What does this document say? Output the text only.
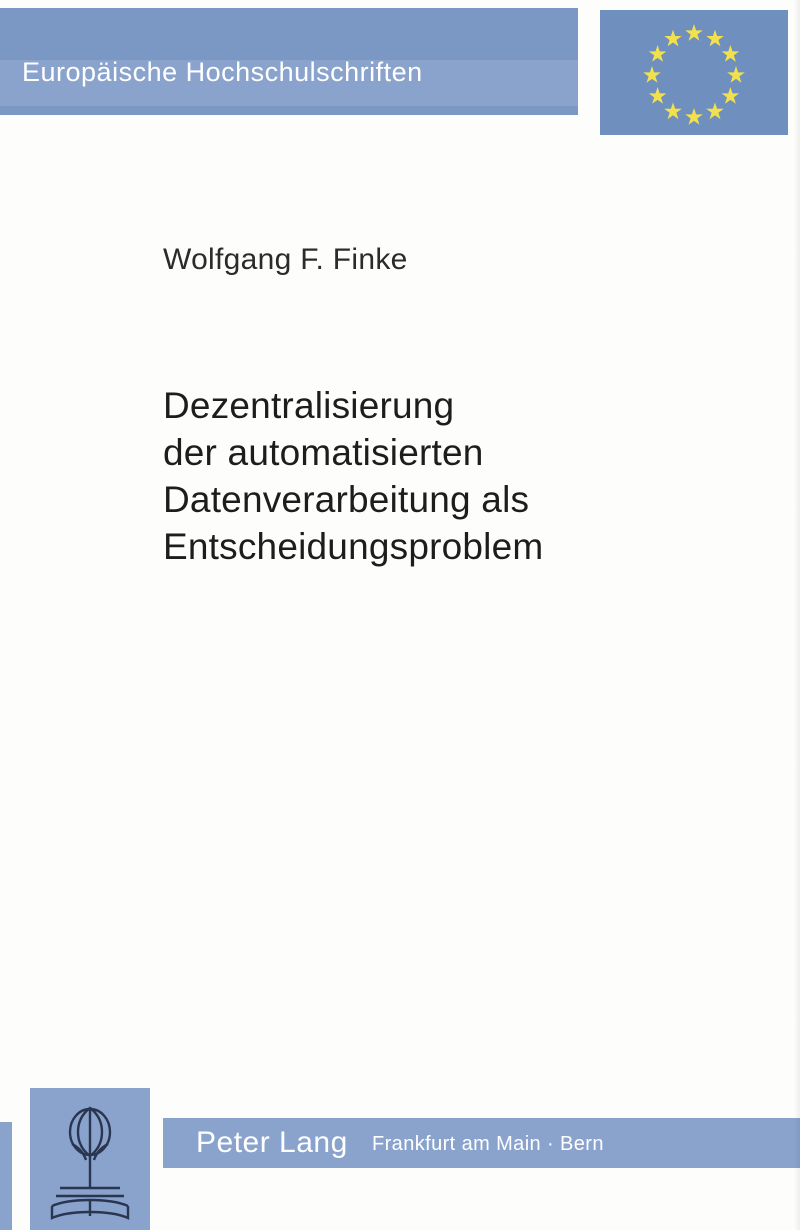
Europäische Hochschulschriften
Wolfgang F. Finke
Dezentralisierung
der automatisierten
Datenverarbeitung als
Entscheidungsproblem
Peter Lang Frankfurt am Main · Bern
